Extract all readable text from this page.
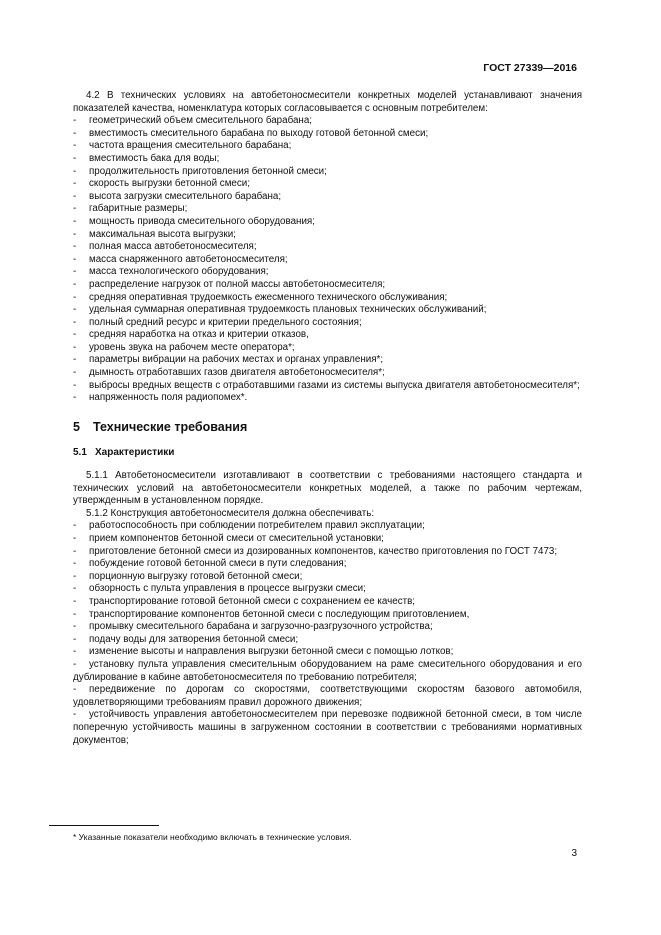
ГОСТ 27339—2016

4.2 В технических условиях на автобетоносмесители конкретных моделей устанавливают значения показателей качества, номенклатура которых согласовывается с основным потребителем:

-	геометрический объем смесительного барабана;
-	вместимость смесительного барабана по выходу готовой бетонной смеси;
-	частота вращения смесительного барабана;
-	вместимость бака для воды;
-	продолжительность приготовления бетонной смеси;
-	скорость выгрузки бетонной смеси;
-	высота загрузки смесительного барабана;
-	габаритные размеры;
-	мощность привода смесительного оборудования;
-	максимальная высота выгрузки;
-	полная масса автобетоносмесителя;
-	масса снаряженного автобетоносмесителя;
-	масса технологического оборудования;
-	распределение нагрузок от полной массы автобетоносмесителя;
-	средняя оперативная трудоемкость ежесменного технического обслуживания;
-	удельная суммарная оперативная трудоемкость плановых технических обслуживаний;
-	полный средний ресурс и критерии предельного состояния;
-	средняя наработка на отказ и критерии отказов,
-	уровень звука на рабочем месте оператора*;
-	параметры вибрации на рабочих местах и органах управления*;
-	дымность отработавших газов двигателя автобетоносмесителя*;

- выбросы вредных веществ с отработавшими газами из системы выпуска двигателя автобетоносмесителя*;

-	напряженность поля радиопомех*.
5 Технические требования
5.1 Характеристики

5.1.1 Автобетоносмесители изготавливают в соответствии с требованиями настоящего стандарта и технических условий на автобетоносмесители конкретных моделей, а также по рабочим чертежам, утвержденным в установленном порядке.

5.1.2 Конструкция автобетоносмесителя должна обеспечивать:

-	работоспособность при соблюдении потребителем правил эксплуатации;
-	прием компонентов бетонной смеси от смесительной установки;

- приготовление бетонной смеси из дозированных компонентов, качество приготовления по ГОСТ 7473;

-	побуждение готовой бетонной смеси в пути следования;
-	порционную выгрузку готовой бетонной смеси;
-	обзорность с пульта управления в процессе выгрузки смеси;
-	транспортирование готовой бетонной смеси с сохранением ее качеств;
-	транспортирование компонентов бетонной смеси с последующим приготовлением,
-	промывку смесительного барабана и загрузочно-разгрузочного устройства;
-	подачу воды для затворения бетонной смеси;
-	изменение высоты и направления выгрузки бетонной смеси с помощью лотков;

- установку пульта управления смесительным оборудованием на раме смесительного оборудования и его дублирование в кабине автобетоносмесителя по требованию потребителя;

- передвижение по дорогам со скоростями, соответствующими скоростям базового автомобиля, удовлетворяющими требованиям правил дорожного движения;

- устойчивость управления автобетоносмесителем при перевозке подвижной бетонной смеси, в том числе поперечную устойчивость машины в загруженном состоянии в соответствии с требованиями нормативных документов;

* Указанные показатели необходимо включать в технические условия.
3
